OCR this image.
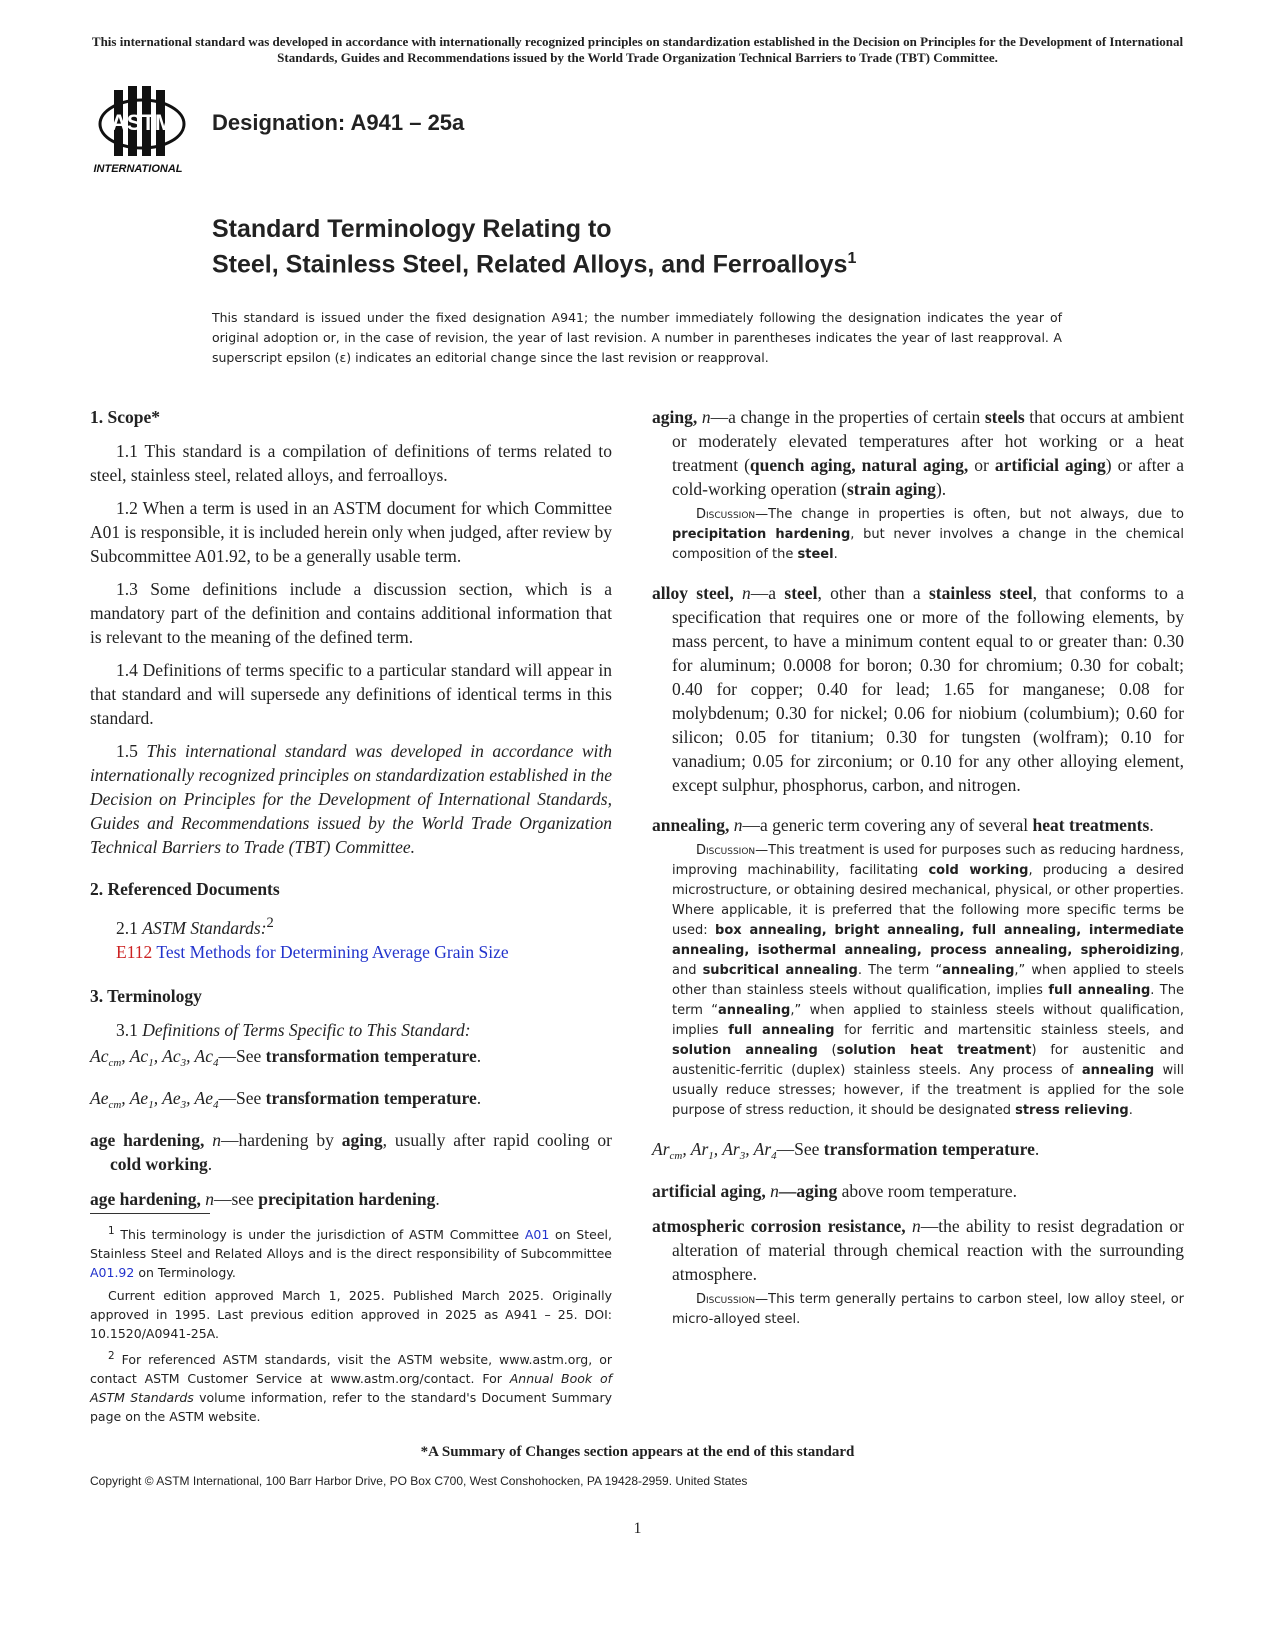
This international standard was developed in accordance with internationally recognized principles on standardization established in the Decision on Principles for the Development of International Standards, Guides and Recommendations issued by the World Trade Organization Technical Barriers to Trade (TBT) Committee.
ASTM
INTERNATIONAL
Designation: A941 – 25a
Standard Terminology Relating to
Steel, Stainless Steel, Related Alloys, and Ferroalloys$^1$
This standard is issued under the fixed designation A941; the number immediately following the designation indicates the year of original adoption or, in the case of revision, the year of last revision. A number in parentheses indicates the year of last reapproval. A superscript epsilon (ε) indicates an editorial change since the last revision or reapproval.
1. Scope*
1.1 This standard is a compilation of definitions of terms related to steel, stainless steel, related alloys, and ferroalloys.
1.2 When a term is used in an ASTM document for which Committee A01 is responsible, it is included herein only when judged, after review by Subcommittee A01.92, to be a generally usable term.
1.3 Some definitions include a discussion section, which is a mandatory part of the definition and contains additional information that is relevant to the meaning of the defined term.
1.4 Definitions of terms specific to a particular standard will appear in that standard and will supersede any definitions of identical terms in this standard.
1.5 This international standard was developed in accordance with internationally recognized principles on standardization established in the Decision on Principles for the Development of International Standards, Guides and Recommendations issued by the World Trade Organization Technical Barriers to Trade (TBT) Committee.
2. Referenced Documents
2.1 ASTM Standards:$^2$
E112 Test Methods for Determining Average Grain Size
3. Terminology
3.1 Definitions of Terms Specific to This Standard:
$Ac_{cm}$, $Ac_1$, $Ac_3$, $Ac_4—See$ transformation temperature.
$Ae_{cm}$, $Ae_1$, $Ae_3$, $Ae_4—See$ transformation temperature.
age hardening, n—hardening by aging, usually after rapid cooling or cold working.
age hardening, n—see precipitation hardening.

$^1$ This terminology is under the jurisdiction of ASTM Committee A01 on Steel, Stainless Steel and Related Alloys and is the direct responsibility of Subcommittee A01.92 on Terminology.

Current edition approved March 1, 2025. Published March 2025. Originally approved in 1995. Last previous edition approved in 2025 as A941 – 25. DOI: 10.1520/A0941-25A.

$^2$ For referenced ASTM standards, visit the ASTM website, www.astm.org, or contact ASTM Customer Service at www.astm.org/contact. For Annual Book of ASTM Standards volume information, refer to the standard's Document Summary page on the ASTM website.

aging, n—a change in the properties of certain steels that occurs at ambient or moderately elevated temperatures after hot working or a heat treatment (quench aging, natural aging, or artificial aging) or after a cold-working operation (strain aging).
Discussion—The change in properties is often, but not always, due to precipitation hardening, but never involves a change in the chemical composition of the steel.
alloy steel, n—a steel, other than a stainless steel, that conforms to a specification that requires one or more of the following elements, by mass percent, to have a minimum content equal to or greater than: 0.30 for aluminum; 0.0008 for boron; 0.30 for chromium; 0.30 for cobalt; 0.40 for copper; 0.40 for lead; 1.65 for manganese; 0.08 for molybdenum; 0.30 for nickel; 0.06 for niobium (columbium); 0.60 for silicon; 0.05 for titanium; 0.30 for tungsten (wolfram); 0.10 for vanadium; 0.05 for zirconium; or 0.10 for any other alloying element, except sulphur, phosphorus, carbon, and nitrogen.
annealing, n—a generic term covering any of several heat treatments.
Discussion—This treatment is used for purposes such as reducing hardness, improving machinability, facilitating cold working, producing a desired microstructure, or obtaining desired mechanical, physical, or other properties. Where applicable, it is preferred that the following more specific terms be used: box annealing, bright annealing, full annealing, intermediate annealing, isothermal annealing, process annealing, spheroidizing, and subcritical annealing. The term “annealing,” when applied to steels other than stainless steels without qualification, implies full annealing. The term “annealing,” when applied to stainless steels without qualification, implies full annealing for ferritic and martensitic stainless steels, and solution annealing (solution heat treatment) for austenitic and austenitic-ferritic (duplex) stainless steels. Any process of annealing will usually reduce stresses; however, if the treatment is applied for the sole purpose of stress reduction, it should be designated stress relieving.
$Ar_{cm}$, $Ar_1$, $Ar_3$, $Ar_4—See$ transformation temperature.
artificial aging, n—aging above room temperature.
atmospheric corrosion resistance, n—the ability to resist degradation or alteration of material through chemical reaction with the surrounding atmosphere.
Discussion—This term generally pertains to carbon steel, low alloy steel, or micro-alloyed steel.
*A Summary of Changes section appears at the end of this standard
Copyright © ASTM International, 100 Barr Harbor Drive, PO Box C700, West Conshohocken, PA 19428-2959. United States
1
